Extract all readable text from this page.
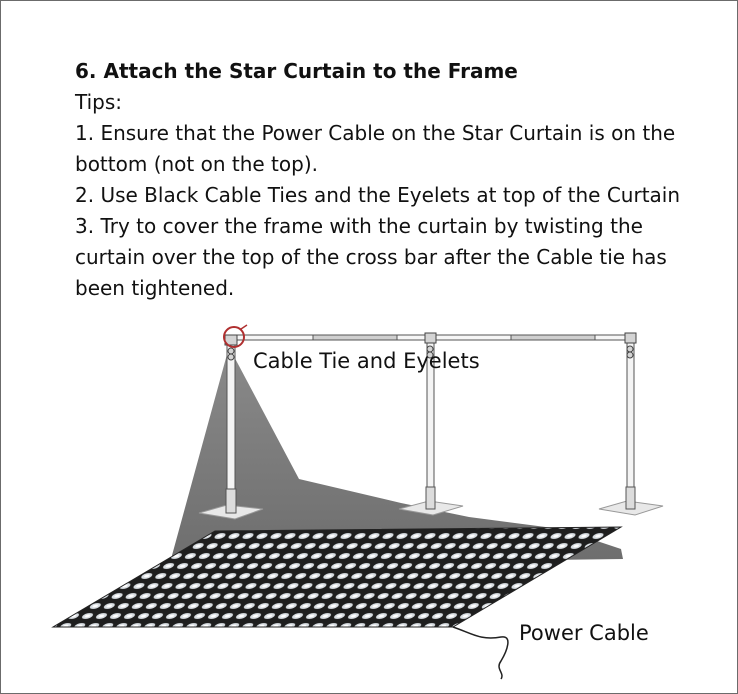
6. Attach the Star Curtain to the Frame
Tips:
1. Ensure that the Power Cable on the Star Curtain is on the
bottom (not on the top).
2. Use Black Cable Ties and the Eyelets at top of the Curtain
3. Try to cover the frame with the curtain by twisting the
curtain over the top of the cross bar after the Cable tie has
been tightened.
Cable Tie and Eyelets
Power Cable
